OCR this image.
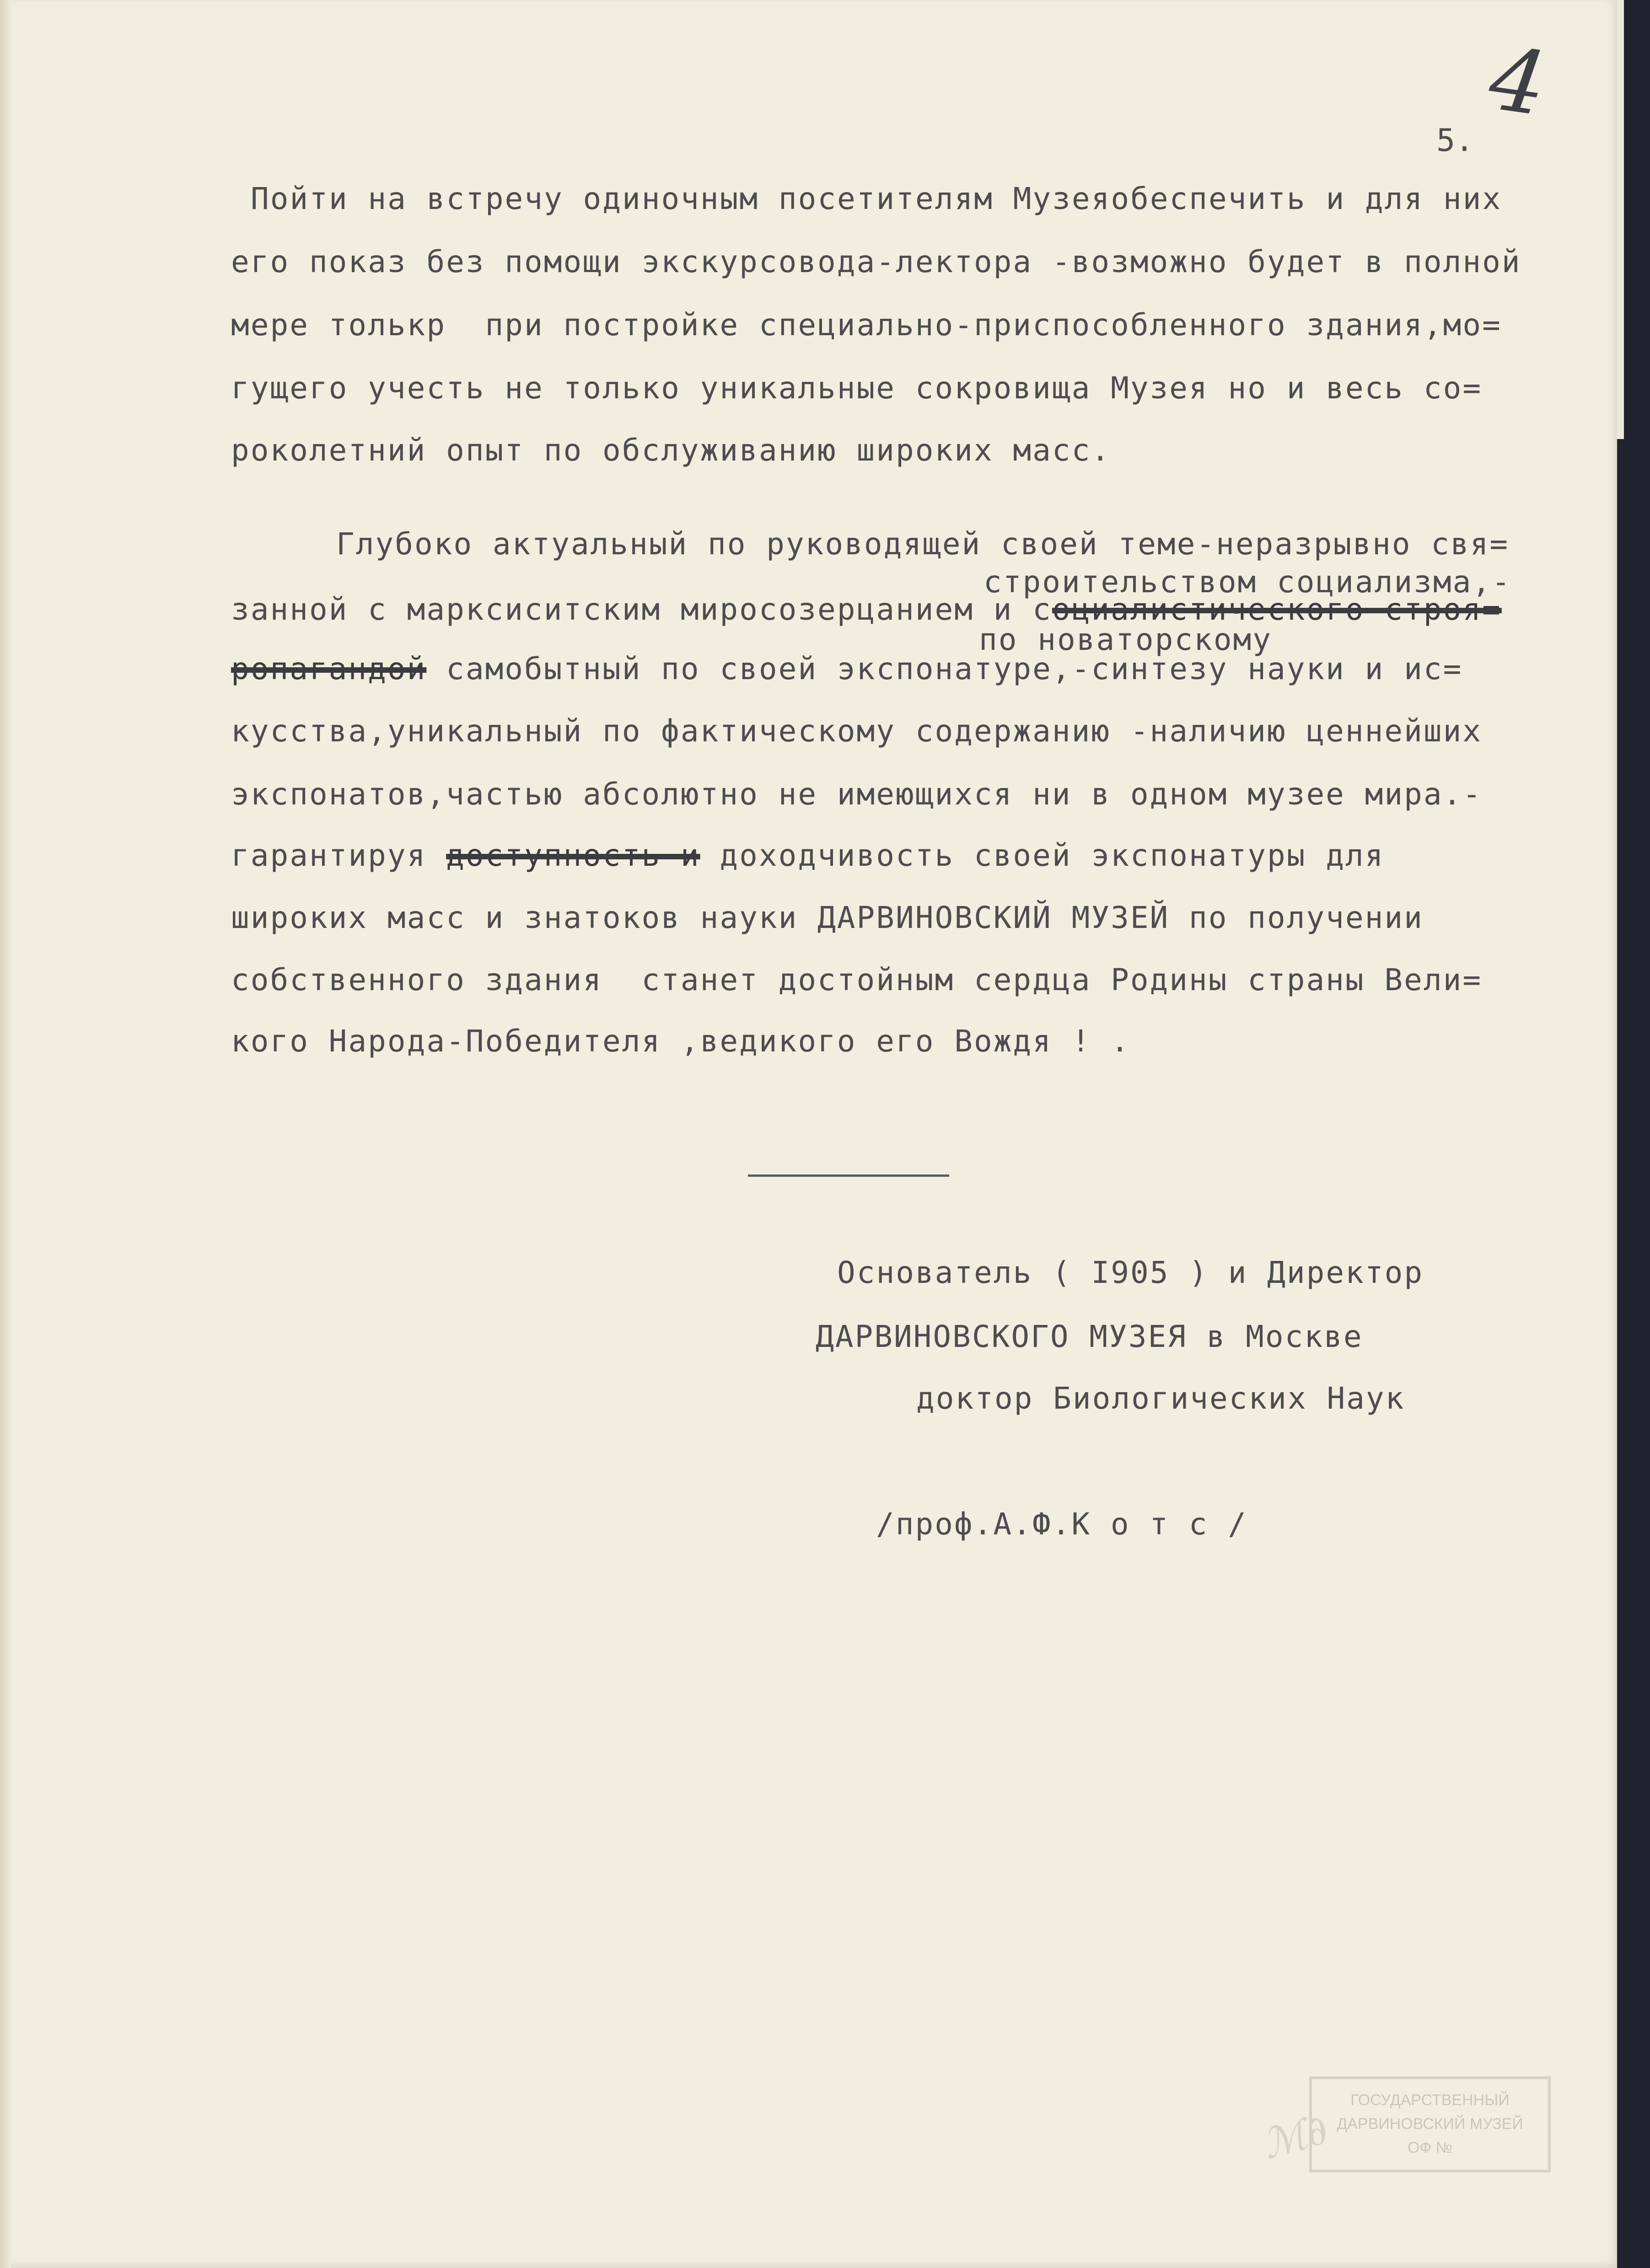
4
5.
Пойти на встречу одиночным посетителям Музеяобеспечить и для них
его показ без помощи экскурсовода-лектора -возможно будет в полной
мере толькр  при постройке специально-приспособленного здания,мо=
гущего учесть не только уникальные сокровища Музея но и весь со=
роколетний опыт по обслуживанию широких масс.
Глубоко актуальный по руководящей своей теме-неразрывно свя=
строительством социализма,-
занной с марксиситским миросозерцанием и социалистического строя=
по новаторскому
ропагандой самобытный по своей экспонатуре,-синтезу науки и ис=
кусства,уникальный по фактическому содержанию -наличию ценнейших
экспонатов,частью абсолютно не имеющихся ни в одном музее мира.-
гарантируя доступность и доходчивость своей экспонатуры для
широких масс и знатоков науки ДАРВИНОВСКИЙ МУЗЕЙ по получении
собственного здания  станет достойным сердца Родины страны Вели=
кого Народа-Победителя ,ведикого его Вождя ! .
Основатель ( I905 ) и Директор
ДАРВИНОВСКОГО МУЗЕЯ в Москве
доктор Биологических Наук
/проф.А.Ф.К о т с /
ℳ∂
ГОСУДАРСТВЕННЫЙ
ДАРВИНОВСКИЙ МУЗЕЙ
ОФ №
